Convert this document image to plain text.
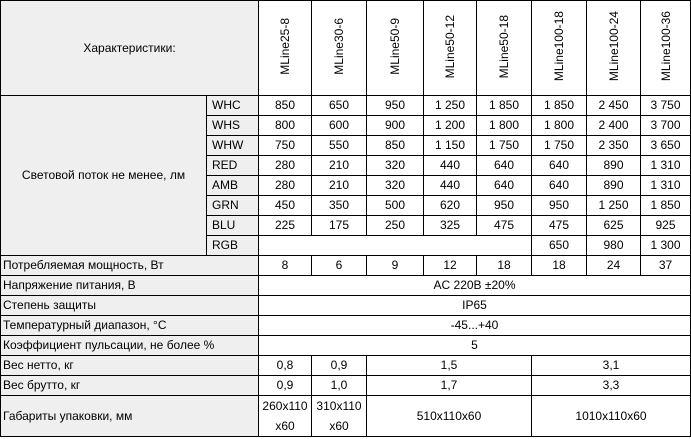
Характеристики:		MLine25-8	MLine30-6	MLine50-9	MLine50-12	MLine50-18	MLine100-18	MLine100-24	MLine100-36
Световой поток не менее, лм	WHC	850	650	950	1 250	1 850	1 850	2 450	3 750
	WHS	800	600	900	1 200	1 800	1 800	2 400	3 700
	WHW	750	550	850	1 150	1 750	1 750	2 350	3 650
	RED	280	210	320	440	640	640	890	1 310
	AMB	280	210	320	440	640	640	890	1 310
	GRN	450	350	500	620	950	950	1 250	1 850
	BLU	225	175	250	325	475	475	625	925
	RGB						650	980	1 300
Потребляемая мощность, Вт		8	6	9	12	18	18	24	37
Напряжение питания, В		AC 220В ±20%							
Степень защиты		IP65							
Температурный диапазон, °С		-45...+40							
Коэффициент пульсации, не более %		5							
Вес нетто, кг		0,8	0,9	1,5			3,1		
Вес брутто, кг		0,9	1,0	1,7			3,3		
Габариты упаковки, мм		260x110 x60	310x110 x60	510x110x60			1010x110x60		
